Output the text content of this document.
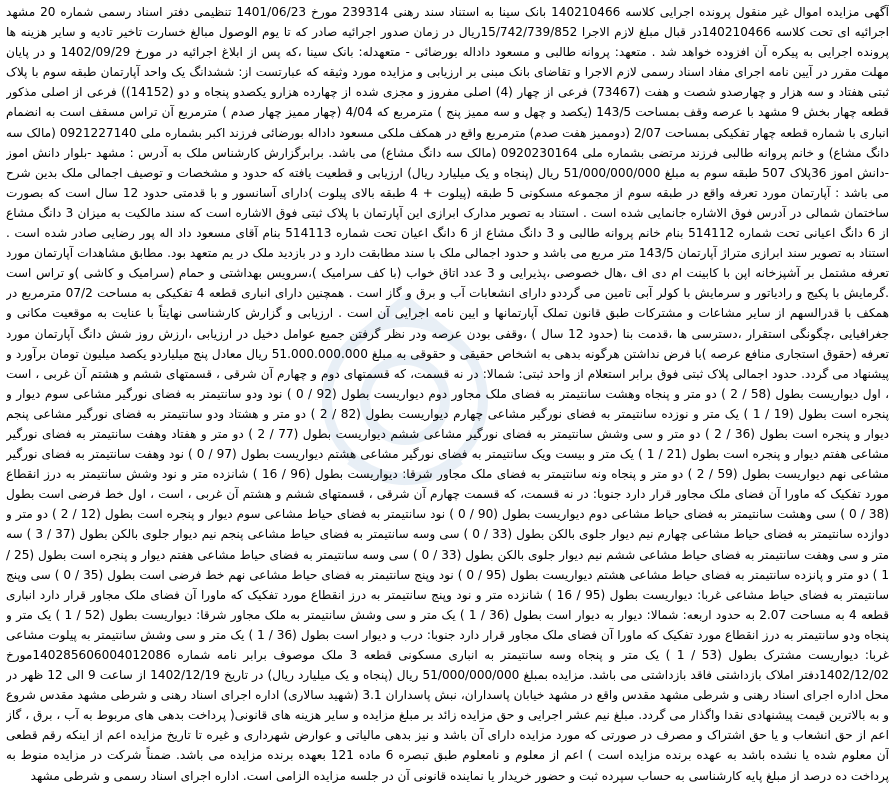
آگهی مزایده اموال غیر منقول پرونده اجرایی کلاسه 140210466 بانک سینا به استناد سند رهنی 239314 مورخ 1401/06/23 تنظیمی دفتر اسناد رسمی شماره 20 مشهد اجرائیه ای تحت کلاسه 140210466در قبال مبلغ لازم الاجرا 15/742/739/852ریال در زمان صدور اجرائیه صادر که تا یوم الوصول مبالغ خسارت تاخیر تادیه و سایر هزینه ها پرونده اجرایی به پیکره آن افزوده خواهد شد . متعهد: پروانه طالبی و مسعود داداله بورضائی - متعهدله: بانک سینا ،که پس از ابلاغ اجرائیه در مورخ 1402/09/29 و در پایان مهلت مقرر در آیین نامه اجرای مفاد اسناد رسمی لازم الاجرا و تقاضای بانک مبنی بر ارزیابی و مزایده مورد وثیقه که عبارتست از: ششدانگ یک واحد آپارتمان طبقه سوم با پلاک ثبتی هفتاد و سه هزار و چهارصدو شصت و هفت (73467) فرعی از چهار (4) اصلی مفروز و مجزی شده از چهارده هزارو یکصدو پنجاه و دو (14152)) فرعی از اصلی مذکور قطعه چهار بخش 9 مشهد با عرصه وقف بمساحت 143/5 (یکصد و چهل و سه ممیز پنج ) مترمربع که 4/04 (چهار ممیز چهار صدم ) مترمربع آن تراس مسقف است به انضمام انباری با شماره قطعه چهار تفکیکی بمساحت 2/07 (دوممیز هفت صدم) مترمربع واقع در همکف ملکی مسعود داداله بورضائی فرزند اکبر بشماره ملی 0921227140 (مالک سه دانگ مشاع) و خانم پروانه طالبی فرزند مرتضی بشماره ملی 0920230164 (مالک سه دانگ مشاع) می باشد. برابرگزارش کارشناس ملک به آدرس : مشهد -بلوار دانش اموز -دانش اموز 36پلاک 507 طبقه سوم به مبلغ 51/000/000/000 ریال (پنجاه و یک میلیارد ریال) ارزیابی و قطعیت یافته که حدود و مشخصات و توصیف اجمالی ملک بدین شرح می باشد : آپارتمان مورد تعرفه واقع در طبقه سوم از مجموعه مسکونی 5 طبقه (پیلوت + 4 طبقه بالای پیلوت )دارای آسانسور و با قدمتی حدود 12 سال است که بصورت ساختمان شمالی در آدرس فوق الاشاره جانمایی شده است . استناد به تصویر مدارک ابرازی این آپارتمان با پلاک ثبتی فوق الاشاره است که سند مالکیت به میزان 3 دانگ مشاع از 6 دانگ اعیانی تحت شماره 514112 بنام خانم پروانه طالبی و 3 دانگ مشاع از 6 دانگ اعیان تحت شماره 514113 بنام آقای مسعود داد اله پور رضایی صادر شده است . استناد به تصویر سند ابرازی متراژ آپارتمان 143/5 متر مربع می باشد و حدود اجمالی ملک با سند مطابقت دارد و در بازدید ملک در یم متعهد بود. مطابق مشاهدات آپارتمان مورد تعرفه مشتمل بر آشپزخانه اپن با کابینت ام دی اف ،هال خصوصی ،پذیرایی و 3 عدد اتاق خواب (با کف سرامیک )،سرویس بهداشتی و حمام (سرامیک و کاشی )و تراس است .گرمایش با پکیج و رادیاتور و سرمایش با کولر آبی تامین می گرددو دارای انشعابات آب و برق و گاز است . همچنین دارای انباری قطعه 4 تفکیکی به مساحت 07/2 مترمربع در همکف با قدرالسهم از سایر مشاعات و مشترکات طبق قانون تملک آپارتمانها و ایین نامه اجرایی آن است . ارزیابی و گزارش کارشناسی نهایتاً با عنایت به موقعیت مکانی و جغرافیایی ،چگونگی استقرار ،دسترسی ها ،قدمت بنا (حدود 12 سال ) ،وقفی بودن عرصه ودر نظر گرفتن جمیع عوامل دخیل در ارزیابی ،ارزش روز شش دانگ آپارتمان مورد تعرفه (حقوق استجاری منافع عرصه )با فرض نداشتن هرگونه بدهی به اشخاص حقیقی و حقوقی به مبلغ 51.000.000.000 ریال معادل پنج میلیاردو یکصد میلیون تومان برآورد و پیشنهاد می گردد. حدود اجمالی پلاک ثبتی فوق برابر استعلام از واحد ثبتی: شمالا: در نه قسمت، که قسمتهای دوم و چهارم آن شرقی ، قسمتهای ششم و هشتم آن غربی ، است ، اول دیواریست بطول (58 / 2 ) دو متر و پنجاه وهشت سانتیمتر به فضای ملک مجاور دوم دیواریست بطول (92 / 0 ) نود ودو سانتیمتر به فضای نورگیر مشاعی سوم دیوار و پنجره است بطول (19 / 1 ) یک متر و نوزده سانتیمتر به فضای نورگیر مشاعی چهارم دیواریست بطول (82 / 2 ) دو متر و هشتاد ودو سانتیمتر به فضای نورگیر مشاعی پنجم دیوار و پنجره است بطول (36 / 2 ) دو متر و سی وشش سانتیمتر به فضای نورگیر مشاعی ششم دیواریست بطول (77 / 2 ) دو متر و هفتاد وهفت سانتیمتر به فضای نورگیر مشاعی هفتم دیوار و پنجره است بطول (21 / 1 ) یک متر و بیست ویک سانتیمتر به فضای نورگیر مشاعی هشتم دیواریست بطول (97 / 0 ) نود وهفت سانتیمتر به فضای نورگیر مشاعی نهم دیواریست بطول (59 / 2 ) دو متر و پنجاه ونه سانتیمتر به فضای ملک مجاور شرقا: دیواریست بطول (96 / 16 ) شانزده متر و نود وشش سانتیمتر به درز انقطاع مورد تفکیک که ماورا آن فضای ملک مجاور قرار دارد جنوبا: در نه قسمت، که قسمت چهارم آن شرقی ، قسمتهای ششم و هشتم آن غربی ، است ، اول خط فرضی است بطول (38 / 0 ) سی وهشت سانتیمتر به فضای حیاط مشاعی دوم دیواریست بطول (90 / 0 ) نود سانتیمتر به فضای حیاط مشاعی سوم دیوار و پنجره است بطول (12 / 2 ) دو متر و دوازده سانتیمتر به فضای حیاط مشاعی چهارم نیم دیوار جلوی بالکن بطول (33 / 0 ) سی وسه سانتیمتر به فضای حیاط مشاعی پنجم نیم دیوار جلوی بالکن بطول (37 / 3 ) سه متر و سی وهفت سانتیمتر به فضای حیاط مشاعی ششم نیم دیوار جلوی بالکن بطول (33 / 0 ) سی وسه سانتیمتر به فضای حیاط مشاعی هفتم دیوار و پنجره است بطول (25 / 1 ) دو متر و پانزده سانتیمتر به فضای حیاط مشاعی هشتم دیواریست بطول (95 / 0 ) نود وپنج سانتیمتر به فضای حیاط مشاعی نهم خط فرضی است بطول (35 / 0 ) سی وپنج سانتیمتر به فضای حیاط مشاعی غربا: دیواریست بطول (95 / 16 ) شانزده متر و نود وپنج سانتیمتر به درز انقطاع مورد تفکیک که ماورا آن فضای ملک مجاور قرار دارد انباری قطعه 4 به مساحت 2.07 به حدود اربعه: شمالا: دیوار به دیوار است بطول (36 / 1 ) یک متر و سی وشش سانتیمتر به ملک مجاور شرقا: دیواریست بطول (52 / 1 ) یک متر و پنجاه ودو سانتیمتر به درز انقطاع مورد تفکیک که ماورا آن فضای ملک مجاور قرار دارد جنوبا: درب و دیوار است بطول (36 / 1 ) یک متر و سی وشش سانتیمتر به پیلوت مشاعی غربا: دیواریست مشترک بطول (53 / 1 ) یک متر و پنجاه وسه سانتیمتر به انباری مسکونی قطعه 3 ملک موصوف برابر نامه شماره 140285606004012086مورخ 1402/12/02دفتر املاک بازداشتی فاقد بازداشتی می باشد. مزایده بمبلغ 51/000/000/000 ریال (پنجاه و یک میلیارد ریال) در تاریخ 1402/12/19 از ساعت 9 الی 12 ظهر در محل اداره اجرای اسناد رهنی و شرطی مشهد مقدس واقع در مشهد خیابان پاسداران، نبش پاسداران 3.1 (شهید سالاری) اداره اجرای اسناد رهنی و شرطی مشهد مقدس شروع و به بالاترین قیمت پیشنهادی نقدا واگذار می گردد. مبلغ نیم عشر اجرایی و حق مزایده زائد بر مبلغ مزایده و سایر هزینه های قانونی( پرداخت بدهی های مربوط به آب ، برق ، گاز اعم از حق انشعاب و یا حق اشتراک و مصرف در صورتی که مورد مزایده دارای آن باشد و نیز بدهی مالیاتی و عوارض شهرداری و غیره تا تاریخ مزایده اعم از اینکه رقم قطعی آن معلوم شده یا نشده باشد به عهده برنده مزایده است ) اعم از معلوم و نامعلوم طبق تبصره 6 ماده 121 بعهده برنده مزایده می باشد. ضمناً شرکت در مزایده منوط به پرداخت ده درصد از مبلغ پایه کارشناسی به حساب سپرده ثبت و حضور خریدار یا نماینده قانونی آن در جلسه مزایده الزامی است. اداره اجرای اسناد رسمی و شرطی مشهد
